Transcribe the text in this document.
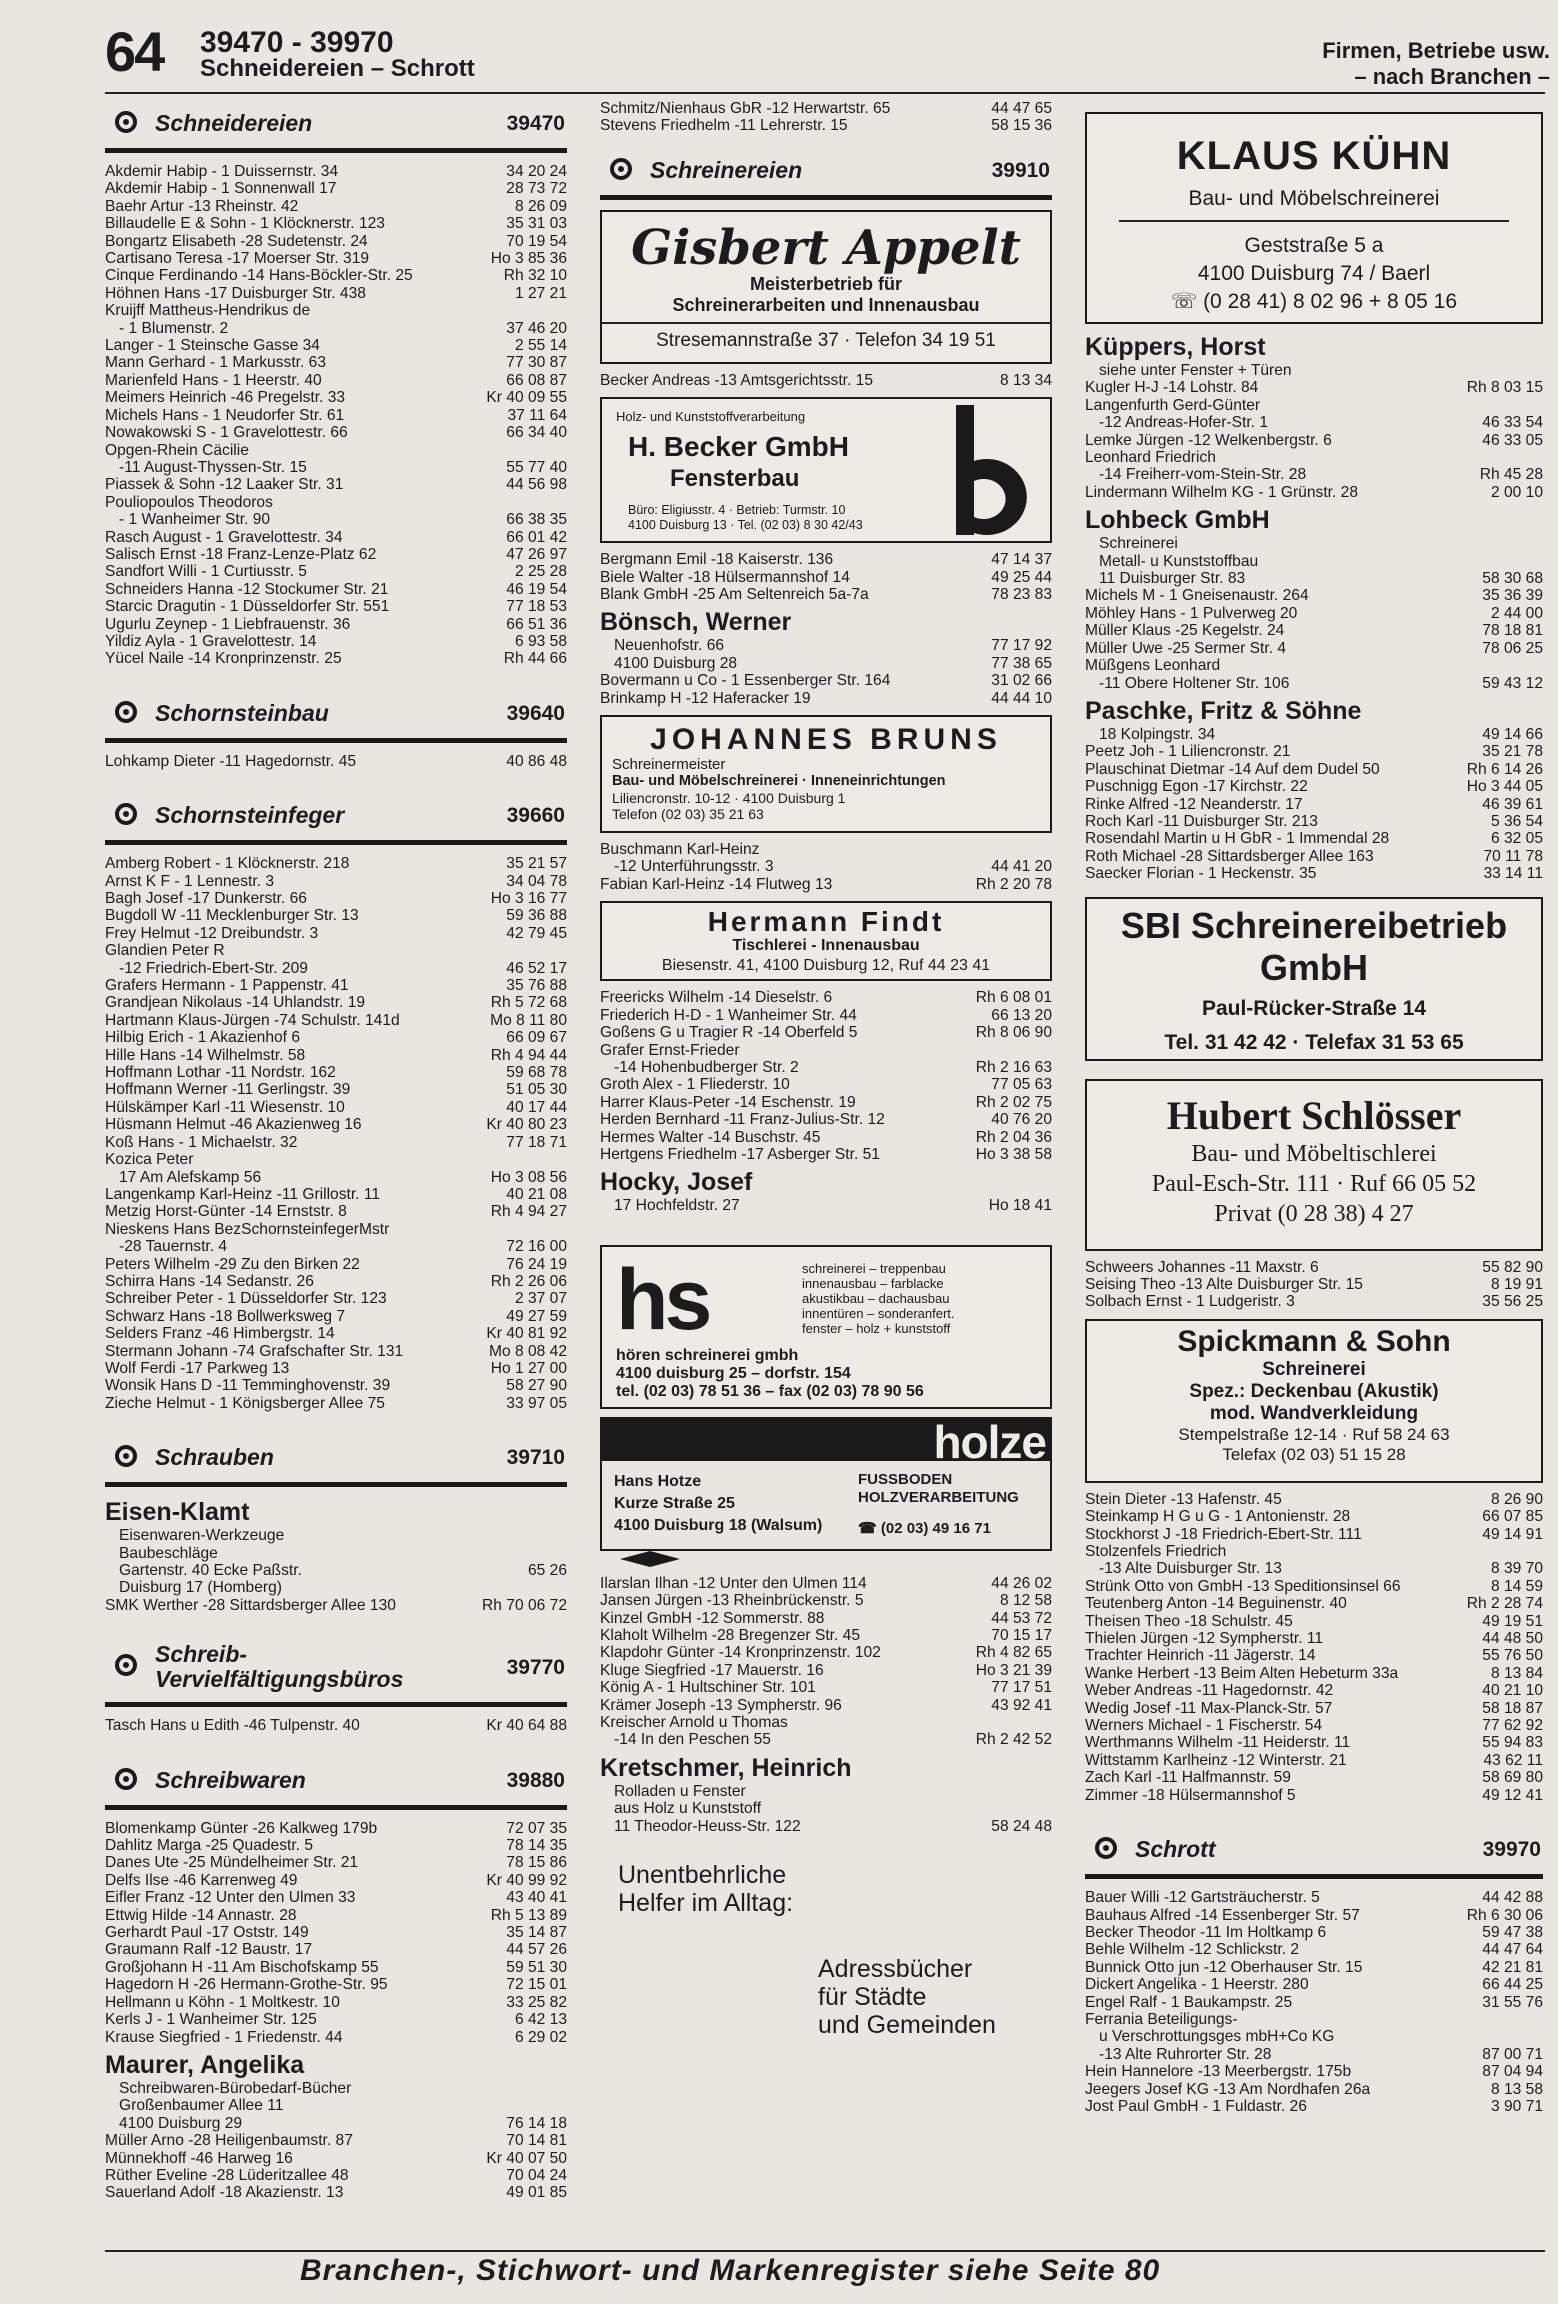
64 39470 - 39970
Schneidereien – Schrott
Firmen, Betriebe usw.
– nach Branchen –
Schneidereien	39470
Akdemir Habip - 1 Duissernstr. 34	34 20 24
Akdemir Habip - 1 Sonnenwall 17	28 73 72
Baehr Artur -13 Rheinstr. 42	8 26 09
Billaudelle E & Sohn - 1 Klöcknerstr. 123	35 31 03
Bongartz Elisabeth -28 Sudetenstr. 24	70 19 54
Cartisano Teresa -17 Moerser Str. 319	Ho 3 85 36
Cinque Ferdinando -14 Hans-Böckler-Str. 25	Rh 32 10
Höhnen Hans -17 Duisburger Str. 438	1 27 21
Kruijff Mattheus-Hendrikus de
- 1 Blumenstr. 2	37 46 20
Langer - 1 Steinsche Gasse 34	2 55 14
Mann Gerhard - 1 Markusstr. 63	77 30 87
Marienfeld Hans - 1 Heerstr. 40	66 08 87
Meimers Heinrich -46 Pregelstr. 33	Kr 40 09 55
Michels Hans - 1 Neudorfer Str. 61	37 11 64
Nowakowski S - 1 Gravelottestr. 66	66 34 40
Opgen-Rhein Cäcilie
-11 August-Thyssen-Str. 15	55 77 40
Piassek & Sohn -12 Laaker Str. 31	44 56 98
Pouliopoulos Theodoros
- 1 Wanheimer Str. 90	66 38 35
Rasch August - 1 Gravelottestr. 34	66 01 42
Salisch Ernst -18 Franz-Lenze-Platz 62	47 26 97
Sandfort Willi - 1 Curtiusstr. 5	2 25 28
Schneiders Hanna -12 Stockumer Str. 21	46 19 54
Starcic Dragutin - 1 Düsseldorfer Str. 551	77 18 53
Ugurlu Zeynep - 1 Liebfrauenstr. 36	66 51 36
Yildiz Ayla - 1 Gravelottestr. 14	6 93 58
Yücel Naile -14 Kronprinzenstr. 25	Rh 44 66
Schornsteinbau	39640
Lohkamp Dieter -11 Hagedornstr. 45	40 86 48
Schornsteinfeger	39660
Amberg Robert - 1 Klöcknerstr. 218	35 21 57
Arnst K F - 1 Lennestr. 3	34 04 78
Bagh Josef -17 Dunkerstr. 66	Ho 3 16 77
Bugdoll W -11 Mecklenburger Str. 13	59 36 88
Frey Helmut -12 Dreibundstr. 3	42 79 45
Glandien Peter R
-12 Friedrich-Ebert-Str. 209	46 52 17
Grafers Hermann - 1 Pappenstr. 41	35 76 88
Grandjean Nikolaus -14 Uhlandstr. 19	Rh 5 72 68
Hartmann Klaus-Jürgen -74 Schulstr. 141d	Mo 8 11 80
Hilbig Erich - 1 Akazienhof 6	66 09 67
Hille Hans -14 Wilhelmstr. 58	Rh 4 94 44
Hoffmann Lothar -11 Nordstr. 162	59 68 78
Hoffmann Werner -11 Gerlingstr. 39	51 05 30
Hülskämper Karl -11 Wiesenstr. 10	40 17 44
Hüsmann Helmut -46 Akazienweg 16	Kr 40 80 23
Koß Hans - 1 Michaelstr. 32	77 18 71
Kozica Peter
17 Am Alefskamp 56	Ho 3 08 56
Langenkamp Karl-Heinz -11 Grillostr. 11	40 21 08
Metzig Horst-Günter -14 Ernststr. 8	Rh 4 94 27
Nieskens Hans BezSchornsteinfegerMstr
-28 Tauernstr. 4	72 16 00
Peters Wilhelm -29 Zu den Birken 22	76 24 19
Schirra Hans -14 Sedanstr. 26	Rh 2 26 06
Schreiber Peter - 1 Düsseldorfer Str. 123	2 37 07
Schwarz Hans -18 Bollwerksweg 7	49 27 59
Selders Franz -46 Himbergstr. 14	Kr 40 81 92
Stermann Johann -74 Grafschafter Str. 131	Mo 8 08 42
Wolf Ferdi -17 Parkweg 13	Ho 1 27 00
Wonsik Hans D -11 Temminghovenstr. 39	58 27 90
Zieche Helmut - 1 Königsberger Allee 75	33 97 05
Schrauben	39710
Eisen-Klamt
Eisenwaren-Werkzeuge
Baubeschläge
Gartenstr. 40 Ecke Paßstr.	65 26
Duisburg 17 (Homberg)
SMK Werther -28 Sittardsberger Allee 130	Rh 70 06 72
Schreib-
Vervielfältigungsbüros	39770
Tasch Hans u Edith -46 Tulpenstr. 40	Kr 40 64 88
Schreibwaren	39880
Blomenkamp Günter -26 Kalkweg 179b	72 07 35
Dahlitz Marga -25 Quadestr. 5	78 14 35
Danes Ute -25 Mündelheimer Str. 21	78 15 86
Delfs Ilse -46 Karrenweg 49	Kr 40 99 92
Eifler Franz -12 Unter den Ulmen 33	43 40 41
Ettwig Hilde -14 Annastr. 28	Rh 5 13 89
Gerhardt Paul -17 Oststr. 149	35 14 87
Graumann Ralf -12 Baustr. 17	44 57 26
Großjohann H -11 Am Bischofskamp 55	59 51 30
Hagedorn H -26 Hermann-Grothe-Str. 95	72 15 01
Hellmann u Köhn - 1 Moltkestr. 10	33 25 82
Kerls J - 1 Wanheimer Str. 125	6 42 13
Krause Siegfried - 1 Friedenstr. 44	6 29 02
Maurer, Angelika
Schreibwaren-Bürobedarf-Bücher
Großenbaumer Allee 11
4100 Duisburg 29	76 14 18
Müller Arno -28 Heiligenbaumstr. 87	70 14 81
Münnekhoff -46 Harweg 16	Kr 40 07 50
Rüther Eveline -28 Lüderitzallee 48	70 04 24
Sauerland Adolf -18 Akazienstr. 13	49 01 85
Schmitz/Nienhaus GbR -12 Herwartstr. 65	44 47 65
Stevens Friedhelm -11 Lehrerstr. 15	58 15 36
Schreinereien	39910
Gisbert Appelt
Meisterbetrieb für
Schreinerarbeiten und Innenausbau
Stresemannstraße 37 · Telefon 34 19 51
Becker Andreas -13 Amtsgerichtsstr. 15	8 13 34
Holz- und Kunststoffverarbeitung
H. Becker GmbH
Fensterbau
Büro: Eligiusstr. 4 · Betrieb: Turmstr. 10
4100 Duisburg 13 · Tel. (02 03) 8 30 42/43
Bergmann Emil -18 Kaiserstr. 136	47 14 37
Biele Walter -18 Hülsermannshof 14	49 25 44
Blank GmbH -25 Am Seltenreich 5a-7a	78 23 83
Bönsch, Werner
Neuenhofstr. 66	77 17 92
4100 Duisburg 28	77 38 65
Bovermann u Co - 1 Essenberger Str. 164	31 02 66
Brinkamp H -12 Haferacker 19	44 44 10
JOHANNES BRUNS
Schreinermeister
Bau- und Möbelschreinerei · Inneneinrichtungen
Liliencronstr. 10-12 · 4100 Duisburg 1
Telefon (02 03) 35 21 63
Buschmann Karl-Heinz
-12 Unterführungsstr. 3	44 41 20
Fabian Karl-Heinz -14 Flutweg 13	Rh 2 20 78
Hermann Findt
Tischlerei - Innenausbau
Biesenstr. 41, 4100 Duisburg 12, Ruf 44 23 41
Freericks Wilhelm -14 Dieselstr. 6	Rh 6 08 01
Friederich H-D - 1 Wanheimer Str. 44	66 13 20
Goßens G u Tragier R -14 Oberfeld 5	Rh 8 06 90
Grafer Ernst-Frieder
-14 Hohenbudberger Str. 2	Rh 2 16 63
Groth Alex - 1 Fliederstr. 10	77 05 63
Harrer Klaus-Peter -14 Eschenstr. 19	Rh 2 02 75
Herden Bernhard -11 Franz-Julius-Str. 12	40 76 20
Hermes Walter -14 Buschstr. 45	Rh 2 04 36
Hertgens Friedhelm -17 Asberger Str. 51	Ho 3 38 58
Hocky, Josef
17 Hochfeldstr. 27	Ho 18 41
hs	schreinerei – treppenbau
innenausbau – farblacke
akustikbau – dachausbau
innentüren – sonderanfert.
fenster – holz + kunststoff
hören schreinerei gmbh
4100 duisburg 25 – dorfstr. 154
tel. (02 03) 78 51 36 – fax (02 03) 78 90 56
holze
Hans Hotze
Kurze Straße 25
4100 Duisburg 18 (Walsum)
FUSSBODEN
HOLZVERARBEITUNG
☎ (02 03) 49 16 71
Ilarslan Ilhan -12 Unter den Ulmen 114	44 26 02
Jansen Jürgen -13 Rheinbrückenstr. 5	8 12 58
Kinzel GmbH -12 Sommerstr. 88	44 53 72
Klaholt Wilhelm -28 Bregenzer Str. 45	70 15 17
Klapdohr Günter -14 Kronprinzenstr. 102	Rh 4 82 65
Kluge Siegfried -17 Mauerstr. 16	Ho 3 21 39
König A - 1 Hultschiner Str. 101	77 17 51
Krämer Joseph -13 Sympherstr. 96	43 92 41
Kreischer Arnold u Thomas
-14 In den Peschen 55	Rh 2 42 52
Kretschmer, Heinrich
Rolladen u Fenster
aus Holz u Kunststoff
11 Theodor-Heuss-Str. 122	58 24 48
Unentbehrliche
Helfer im Alltag:
Adressbücher
für Städte
und Gemeinden
KLAUS KÜHN
Bau- und Möbelschreinerei
Geststraße 5 a
4100 Duisburg 74 / Baerl
☏ (0 28 41) 8 02 96 + 8 05 16
Küppers, Horst
siehe unter Fenster + Türen
Kugler H-J -14 Lohstr. 84	Rh 8 03 15
Langenfurth Gerd-Günter
-12 Andreas-Hofer-Str. 1	46 33 54
Lemke Jürgen -12 Welkenbergstr. 6	46 33 05
Leonhard Friedrich
-14 Freiherr-vom-Stein-Str. 28	Rh 45 28
Lindermann Wilhelm KG - 1 Grünstr. 28	2 00 10
Lohbeck GmbH
Schreinerei
Metall- u Kunststoffbau
11 Duisburger Str. 83	58 30 68
Michels M - 1 Gneisenaustr. 264	35 36 39
Möhley Hans - 1 Pulverweg 20	2 44 00
Müller Klaus -25 Kegelstr. 24	78 18 81
Müller Uwe -25 Sermer Str. 4	78 06 25
Müßgens Leonhard
-11 Obere Holtener Str. 106	59 43 12
Paschke, Fritz & Söhne
18 Kolpingstr. 34	49 14 66
Peetz Joh - 1 Liliencronstr. 21	35 21 78
Plauschinat Dietmar -14 Auf dem Dudel 50	Rh 6 14 26
Puschnigg Egon -17 Kirchstr. 22	Ho 3 44 05
Rinke Alfred -12 Neanderstr. 17	46 39 61
Roch Karl -11 Duisburger Str. 213	5 36 54
Rosendahl Martin u H GbR - 1 Immendal 28	6 32 05
Roth Michael -28 Sittardsberger Allee 163	70 11 78
Saecker Florian - 1 Heckenstr. 35	33 14 11
SBI Schreinereibetrieb
GmbH
Paul-Rücker-Straße 14
Tel. 31 42 42 · Telefax 31 53 65
Hubert Schlösser
Bau- und Möbeltischlerei
Paul-Esch-Str. 111 · Ruf 66 05 52
Privat (0 28 38) 4 27
Schweers Johannes -11 Maxstr. 6	55 82 90
Seising Theo -13 Alte Duisburger Str. 15	8 19 91
Solbach Ernst - 1 Ludgeristr. 3	35 56 25
Spickmann & Sohn
Schreinerei
Spez.: Deckenbau (Akustik)
mod. Wandverkleidung
Stempelstraße 12-14 · Ruf 58 24 63
Telefax (02 03) 51 15 28
Stein Dieter -13 Hafenstr. 45	8 26 90
Steinkamp H G u G - 1 Antonienstr. 28	66 07 85
Stockhorst J -18 Friedrich-Ebert-Str. 111	49 14 91
Stolzenfels Friedrich
-13 Alte Duisburger Str. 13	8 39 70
Strünk Otto von GmbH -13 Speditionsinsel 66	8 14 59
Teutenberg Anton -14 Beguinenstr. 40	Rh 2 28 74
Theisen Theo -18 Schulstr. 45	49 19 51
Thielen Jürgen -12 Sympherstr. 11	44 48 50
Trachter Heinrich -11 Jägerstr. 14	55 76 50
Wanke Herbert -13 Beim Alten Hebeturm 33a	8 13 84
Weber Andreas -11 Hagedornstr. 42	40 21 10
Wedig Josef -11 Max-Planck-Str. 57	58 18 87
Werners Michael - 1 Fischerstr. 54	77 62 92
Werthmanns Wilhelm -11 Heiderstr. 11	55 94 83
Wittstamm Karlheinz -12 Winterstr. 21	43 62 11
Zach Karl -11 Halfmannstr. 59	58 69 80
Zimmer -18 Hülsermannshof 5	49 12 41
Schrott	39970
Bauer Willi -12 Gartsträucherstr. 5	44 42 88
Bauhaus Alfred -14 Essenberger Str. 57	Rh 6 30 06
Becker Theodor -11 Im Holtkamp 6	59 47 38
Behle Wilhelm -12 Schlickstr. 2	44 47 64
Bunnick Otto jun -12 Oberhauser Str. 15	42 21 81
Dickert Angelika - 1 Heerstr. 280	66 44 25
Engel Ralf - 1 Baukampstr. 25	31 55 76
Ferrania Beteiligungs-
u Verschrottungsges mbH+Co KG
-13 Alte Ruhrorter Str. 28	87 00 71
Hein Hannelore -13 Meerbergstr. 175b	87 04 94
Jeegers Josef KG -13 Am Nordhafen 26a	8 13 58
Jost Paul GmbH - 1 Fuldastr. 26	3 90 71
Branchen-, Stichwort- und Markenregister siehe Seite 80
